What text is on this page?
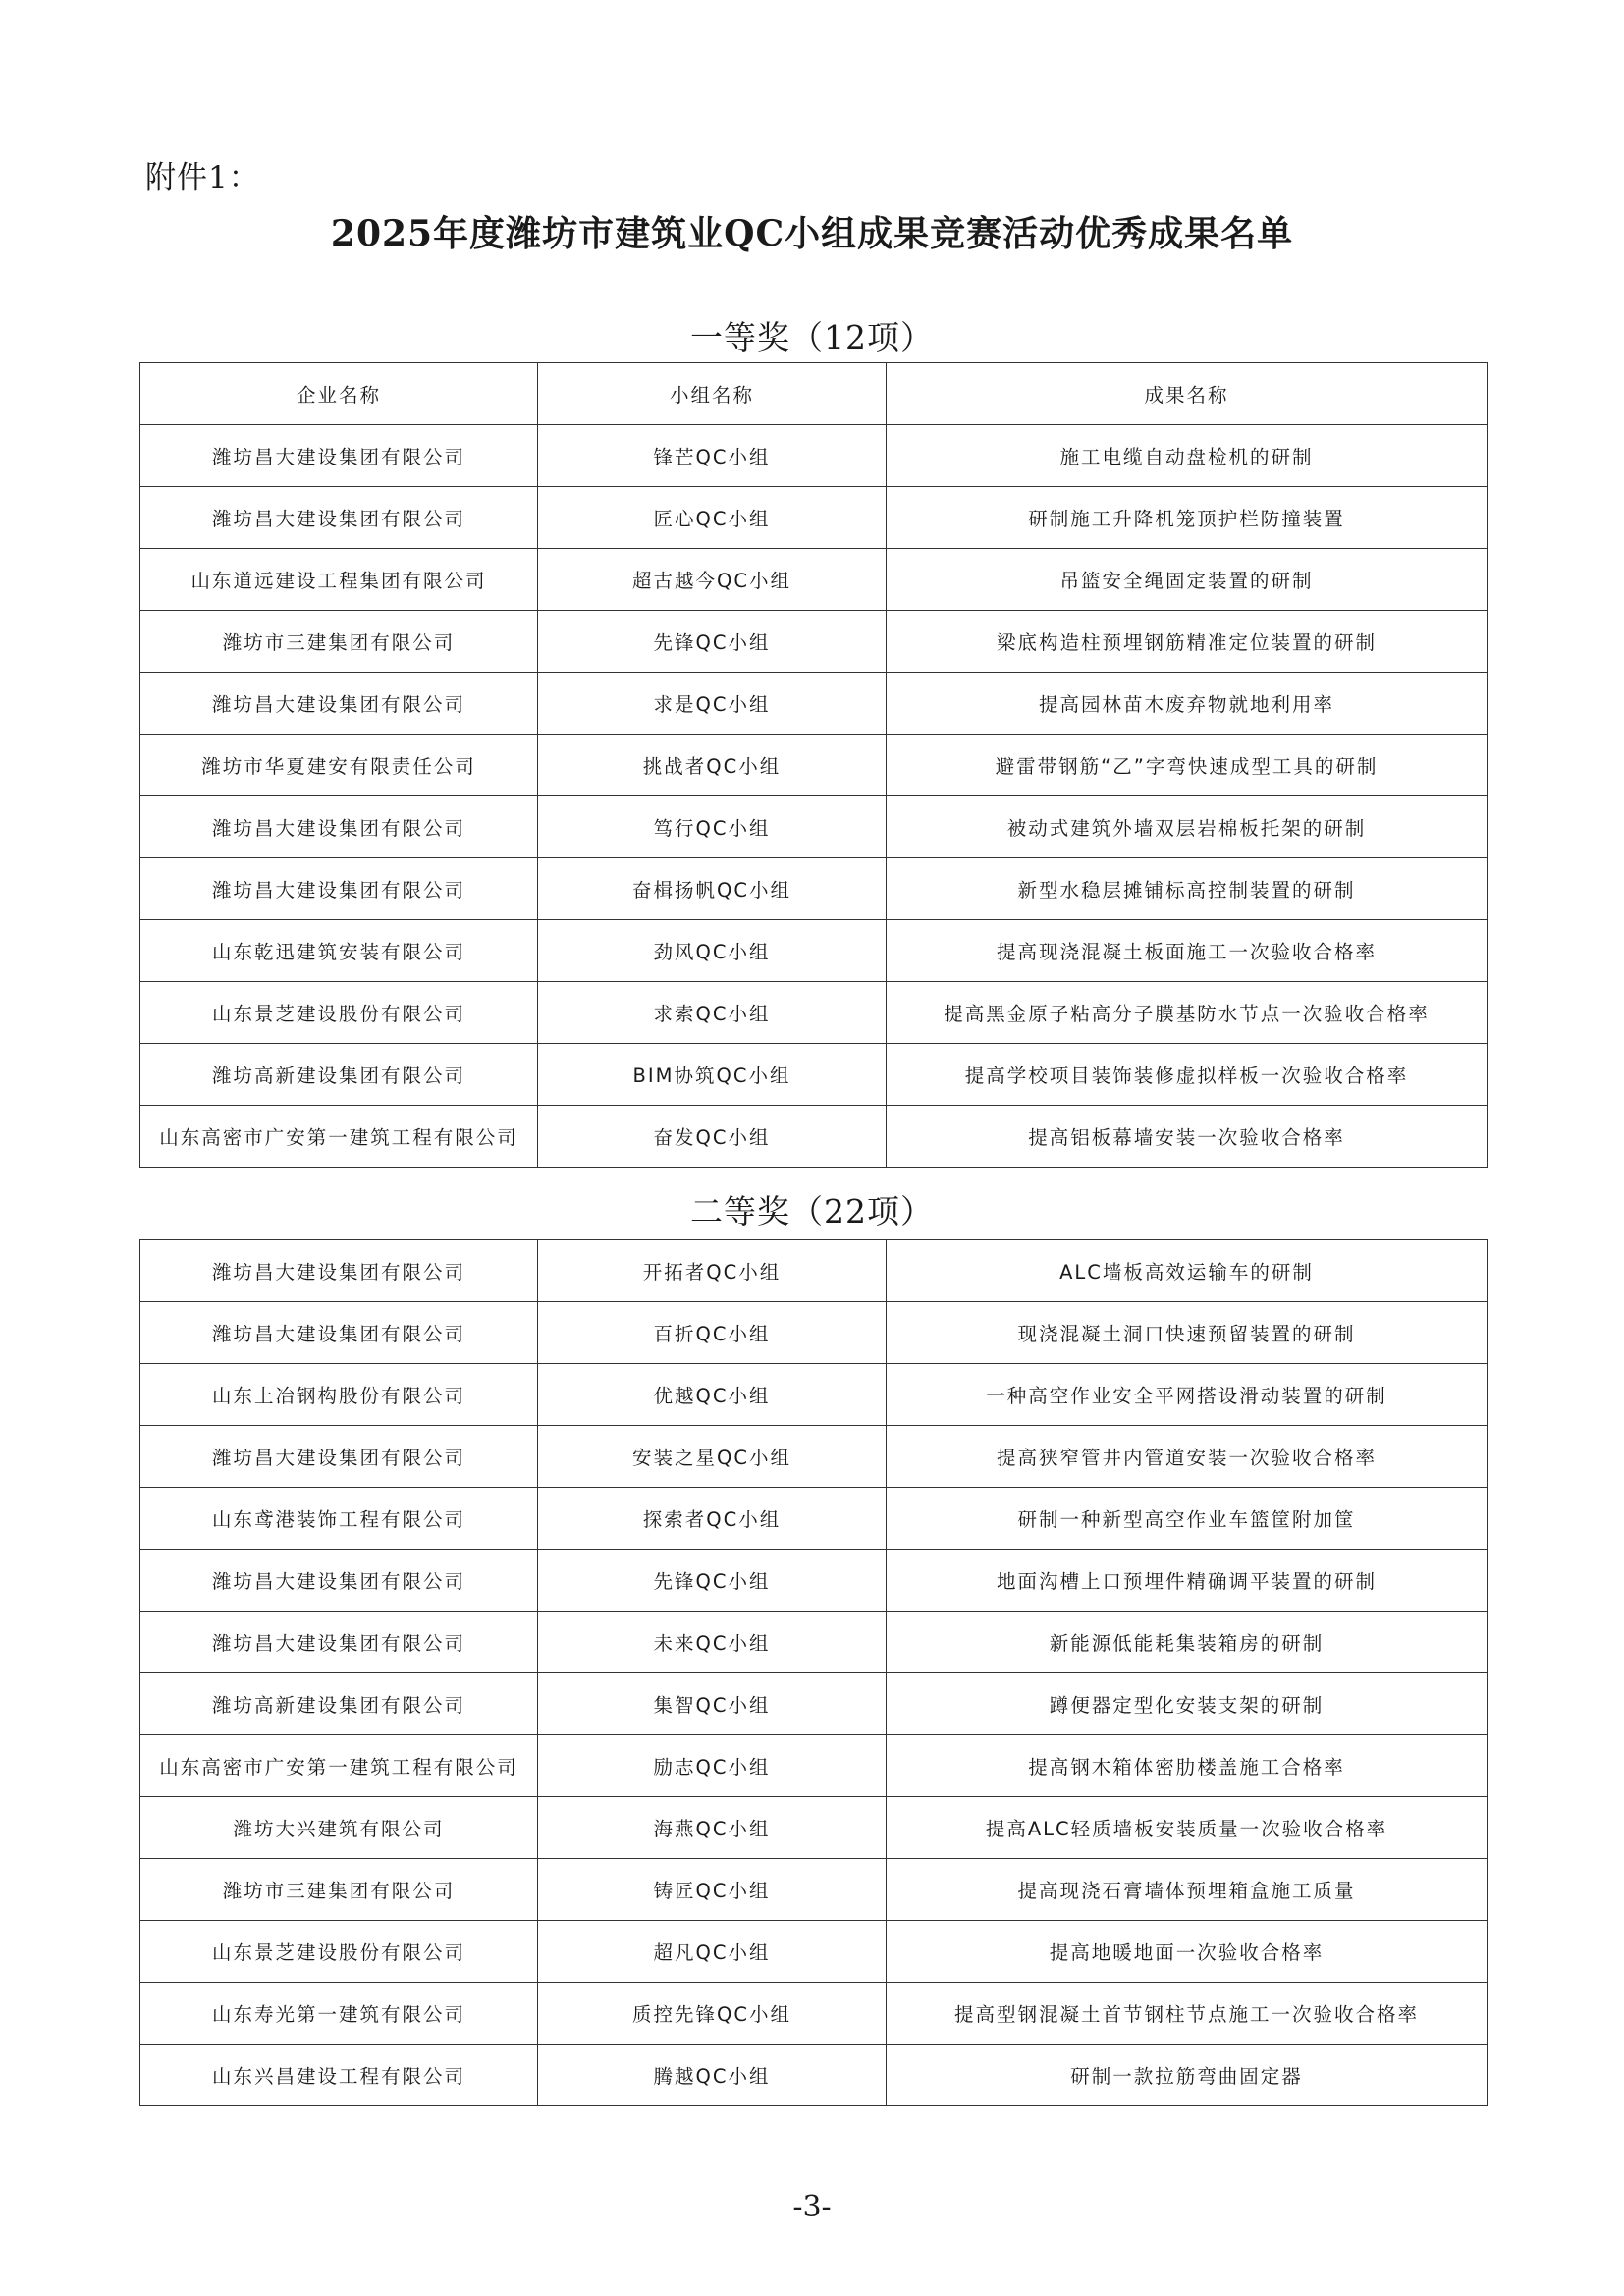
附件1：
2025年度潍坊市建筑业QC小组成果竞赛活动优秀成果名单
一等奖（12项）
企业名称	小组名称	成果名称
潍坊昌大建设集团有限公司	锋芒QC小组	施工电缆自动盘检机的研制
潍坊昌大建设集团有限公司	匠心QC小组	研制施工升降机笼顶护栏防撞装置
山东道远建设工程集团有限公司	超古越今QC小组	吊篮安全绳固定装置的研制
潍坊市三建集团有限公司	先锋QC小组	梁底构造柱预埋钢筋精准定位装置的研制
潍坊昌大建设集团有限公司	求是QC小组	提高园林苗木废弃物就地利用率
潍坊市华夏建安有限责任公司	挑战者QC小组	避雷带钢筋“乙”字弯快速成型工具的研制
潍坊昌大建设集团有限公司	笃行QC小组	被动式建筑外墙双层岩棉板托架的研制
潍坊昌大建设集团有限公司	奋楫扬帆QC小组	新型水稳层摊铺标高控制装置的研制
山东乾迅建筑安装有限公司	劲风QC小组	提高现浇混凝土板面施工一次验收合格率
山东景芝建设股份有限公司	求索QC小组	提高黑金原子粘高分子膜基防水节点一次验收合格率
潍坊高新建设集团有限公司	BIM协筑QC小组	提高学校项目装饰装修虚拟样板一次验收合格率
山东高密市广安第一建筑工程有限公司	奋发QC小组	提高铝板幕墙安装一次验收合格率
二等奖（22项）
潍坊昌大建设集团有限公司	开拓者QC小组	ALC墙板高效运输车的研制
潍坊昌大建设集团有限公司	百折QC小组	现浇混凝土洞口快速预留装置的研制
山东上冶钢构股份有限公司	优越QC小组	一种高空作业安全平网搭设滑动装置的研制
潍坊昌大建设集团有限公司	安装之星QC小组	提高狭窄管井内管道安装一次验收合格率
山东鸢港装饰工程有限公司	探索者QC小组	研制一种新型高空作业车篮筐附加筐
潍坊昌大建设集团有限公司	先锋QC小组	地面沟槽上口预埋件精确调平装置的研制
潍坊昌大建设集团有限公司	未来QC小组	新能源低能耗集装箱房的研制
潍坊高新建设集团有限公司	集智QC小组	蹲便器定型化安装支架的研制
山东高密市广安第一建筑工程有限公司	励志QC小组	提高钢木箱体密肋楼盖施工合格率
潍坊大兴建筑有限公司	海燕QC小组	提高ALC轻质墙板安装质量一次验收合格率
潍坊市三建集团有限公司	铸匠QC小组	提高现浇石膏墙体预埋箱盒施工质量
山东景芝建设股份有限公司	超凡QC小组	提高地暖地面一次验收合格率
山东寿光第一建筑有限公司	质控先锋QC小组	提高型钢混凝土首节钢柱节点施工一次验收合格率
山东兴昌建设工程有限公司	腾越QC小组	研制一款拉筋弯曲固定器
-3-
